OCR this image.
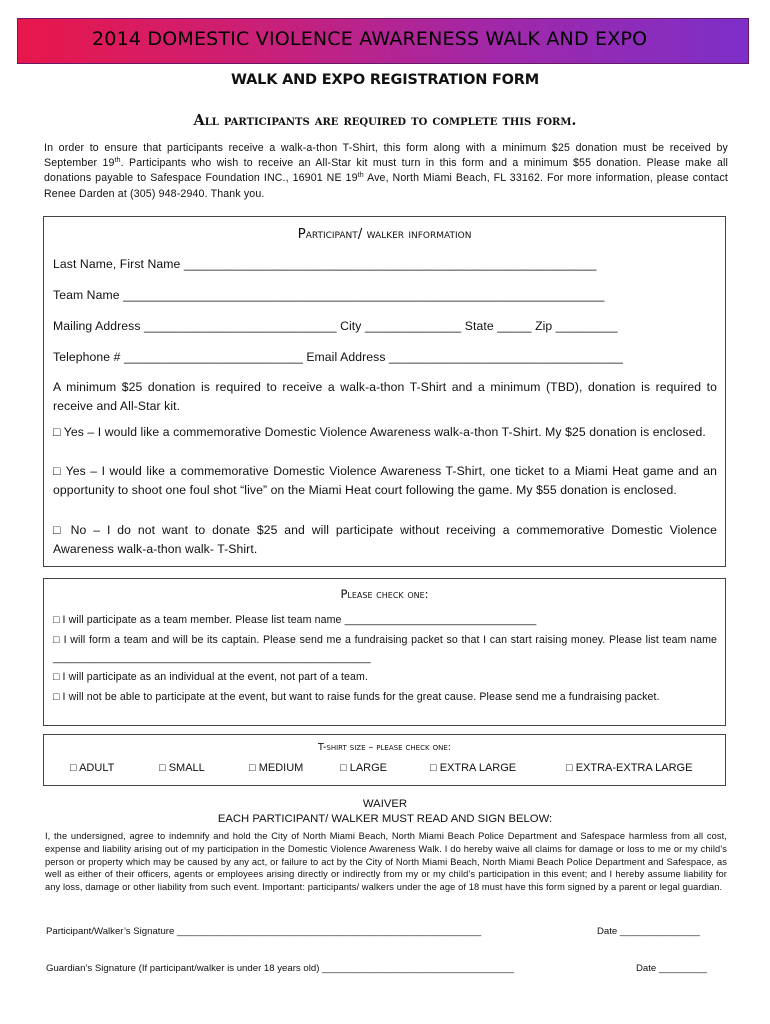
2014 DOMESTIC VIOLENCE AWARENESS WALK AND EXPO
WALK AND EXPO REGISTRATION FORM
All participants are required to complete this form.
In order to ensure that participants receive a walk-a-thon T-Shirt, this form along with a minimum $25 donation must be received by September 19th. Participants who wish to receive an All-Star kit must turn in this form and a minimum $55 donation. Please make all donations payable to Safespace Foundation INC., 16901 NE 19th Ave, North Miami Beach, FL 33162. For more information, please contact Renee Darden at (305) 948-2940. Thank you.
Participant/ walker information
Last Name, First Name ____________________________________________________________
Team Name ______________________________________________________________________
Mailing Address ____________________________ City ______________ State _____ Zip _________
Telephone # __________________________ Email Address __________________________________
A minimum $25 donation is required to receive a walk-a-thon T-Shirt and a minimum (TBD), donation is required to receive and All-Star kit.
□ Yes – I would like a commemorative Domestic Violence Awareness walk-a-thon T-Shirt. My $25 donation is enclosed.
□ Yes – I would like a commemorative Domestic Violence Awareness T-Shirt, one ticket to a Miami Heat game and an opportunity to shoot one foul shot “live” on the Miami Heat court following the game. My $55 donation is enclosed.
□ No – I do not want to donate $25 and will participate without receiving a commemorative Domestic Violence Awareness walk-a-thon walk- T-Shirt.
Please check one:
□ I will participate as a team member. Please list team name ________________________________
□ I will form a team and will be its captain. Please send me a fundraising packet so that I can start raising money. Please list team name _____________________________________________________
□ I will participate as an individual at the event, not part of a team.
□ I will not be able to participate at the event, but want to raise funds for the great cause. Please send me a fundraising packet.
T-shirt size – please check one:
□ ADULT	□ SMALL	□ MEDIUM	□ LARGE	□ EXTRA LARGE	□ EXTRA-EXTRA LARGE
WAIVER
EACH PARTICIPANT/ WALKER MUST READ AND SIGN BELOW:
I, the undersigned, agree to indemnify and hold the City of North Miami Beach, North Miami Beach Police Department and Safespace harmless from all cost, expense and liability arising out of my participation in the Domestic Violence Awareness Walk. I do hereby waive all claims for damage or loss to me or my child’s person or property which may be caused by any act, or failure to act by the City of North Miami Beach, North Miami Beach Police Department and Safespace, as well as either of their officers, agents or employees arising directly or indirectly from my or my child’s participation in this event; and I hereby assume liability for any loss, damage or other liability from such event. Important: participants/ walkers under the age of 18 must have this form signed by a parent or legal guardian.
Participant/Walker’s Signature _________________________________________________________	Date _______________
Guardian’s Signature (If participant/walker is under 18 years old) ____________________________________	Date _________
